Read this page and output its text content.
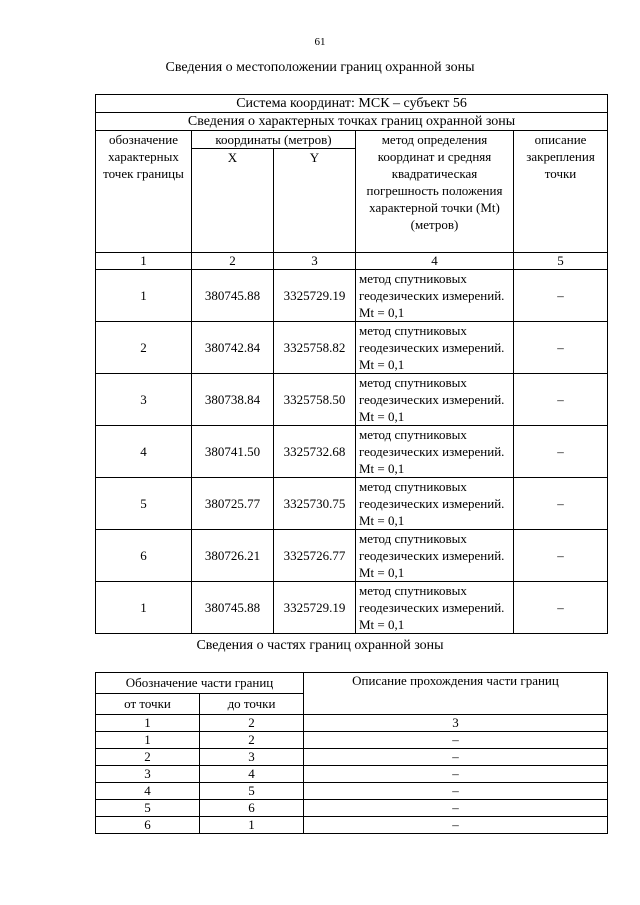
61
Сведения о местоположении границ охранной зоны
Система координат: МСК – субъект 56				
Сведения о характерных точках границ охранной зоны				
обозначение характерных точек границы	координаты (метров)		метод определения координат и средняя квадратическая погрешность положения характерной точки (Mt) (метров)	описание закрепления точки
	X	Y		
1	2	3	4	5
1	380745.88	3325729.19	метод спутниковых геодезических измерений. Mt = 0,1	–
2	380742.84	3325758.82	метод спутниковых геодезических измерений. Mt = 0,1	–
3	380738.84	3325758.50	метод спутниковых геодезических измерений. Mt = 0,1	–
4	380741.50	3325732.68	метод спутниковых геодезических измерений. Mt = 0,1	–
5	380725.77	3325730.75	метод спутниковых геодезических измерений. Mt = 0,1	–
6	380726.21	3325726.77	метод спутниковых геодезических измерений. Mt = 0,1	–
1	380745.88	3325729.19	метод спутниковых геодезических измерений. Mt = 0,1	–
Сведения о частях границ охранной зоны
Обозначение части границ		Описание прохождения части границ
от точки	до точки	
1	2	3
1	2	–
2	3	–
3	4	–
4	5	–
5	6	–
6	1	–
